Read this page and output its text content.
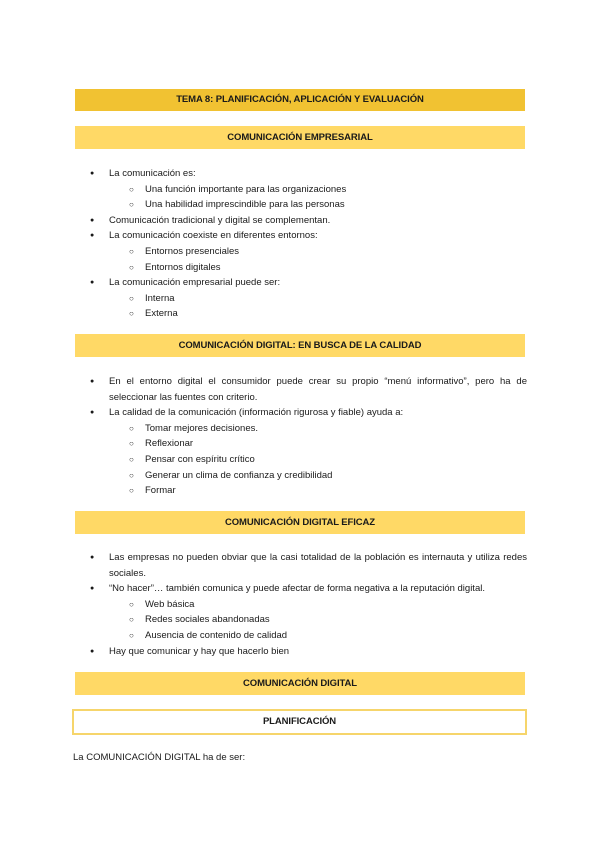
TEMA 8: PLANIFICACIÓN, APLICACIÓN Y EVALUACIÓN
COMUNICACIÓN EMPRESARIAL
● La comunicación es:
○ Una función importante para las organizaciones
○ Una habilidad imprescindible para las personas
● Comunicación tradicional y digital se complementan.
● La comunicación coexiste en diferentes entornos:
○ Entornos presenciales
○ Entornos digitales
● La comunicación empresarial puede ser:
○ Interna
○ Externa
COMUNICACIÓN DIGITAL: EN BUSCA DE LA CALIDAD
● En el entorno digital el consumidor puede crear su propio “menú informativo”, pero ha de seleccionar las fuentes con criterio.
● La calidad de la comunicación (información rigurosa y fiable) ayuda a:
○ Tomar mejores decisiones.
○ Reflexionar
○ Pensar con espíritu crítico
○ Generar un clima de confianza y credibilidad
○ Formar
COMUNICACIÓN DIGITAL EFICAZ
● Las empresas no pueden obviar que la casi totalidad de la población es internauta y utiliza redes sociales.
● “No hacer”… también comunica y puede afectar de forma negativa a la reputación digital.
○ Web básica
○ Redes sociales abandonadas
○ Ausencia de contenido de calidad
● Hay que comunicar y hay que hacerlo bien
COMUNICACIÓN DIGITAL
PLANIFICACIÓN
La COMUNICACIÓN DIGITAL ha de ser:
